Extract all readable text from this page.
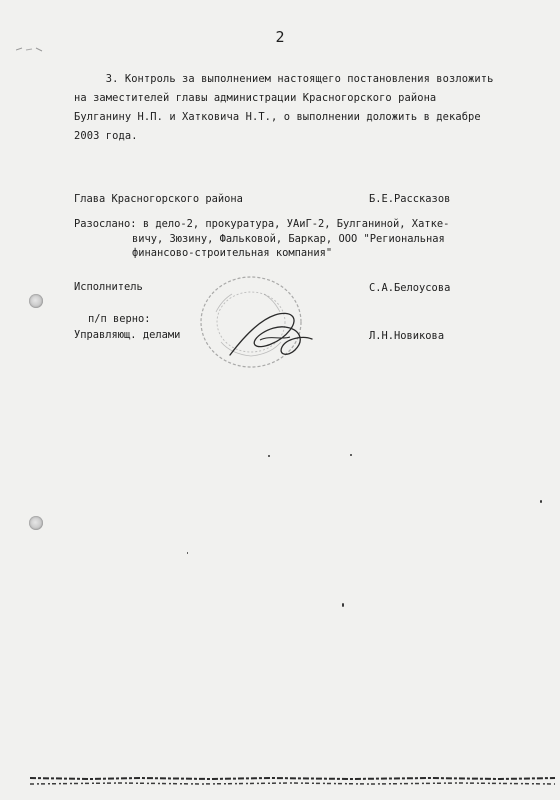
2
3. Контроль за выполнением настоящего постановления возложить
на заместителей главы администрации Красногорского района
Булганину Н.П. и Хатковича Н.Т., о выполнении доложить в декабре
2003 года.
Глава Красногорского района	Б.Е.Рассказов
Разослано: в дело-2, прокуратура, УАиГ-2, Булганиной, Хатке-
вичу, Зюзину, Фальковой, Баркар, ООО "Региональная
финансово-строительная компания"
Исполнитель	С.А.Белоусова
п/п верно:
Управляющ. делами	Л.Н.Новикова
